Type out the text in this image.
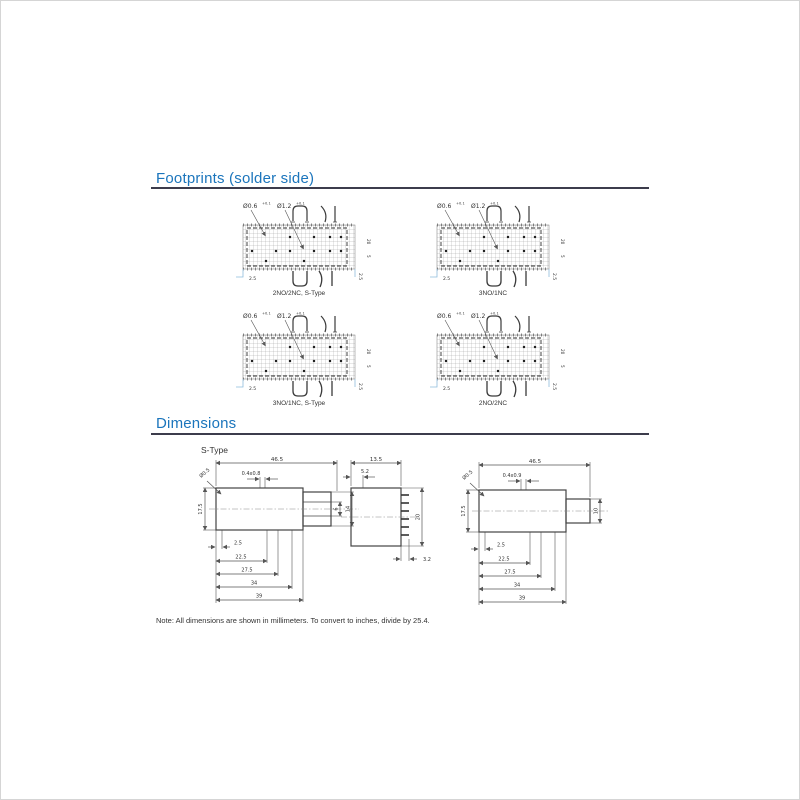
Ø0.6	+0.1	Ø1.2	+0.1
2.5	2.5
20
5
Footprints (solder side)
2NO/2NC, S-Type	3NO/1NC
3NO/1NC, S-Type	2NO/2NC
Dimensions
S-Type
46.5
0.4x0.8
Ø0.5
17.5	6 14
2.5
22.5
27.5
34
39
13.5
5.2
20
3.2
46.5
0.4x0.9
Ø0.5
17.5	10
2.5
22.5
27.5
34
39
Note: All dimensions are shown in millimeters. To convert to inches, divide by 25.4.
